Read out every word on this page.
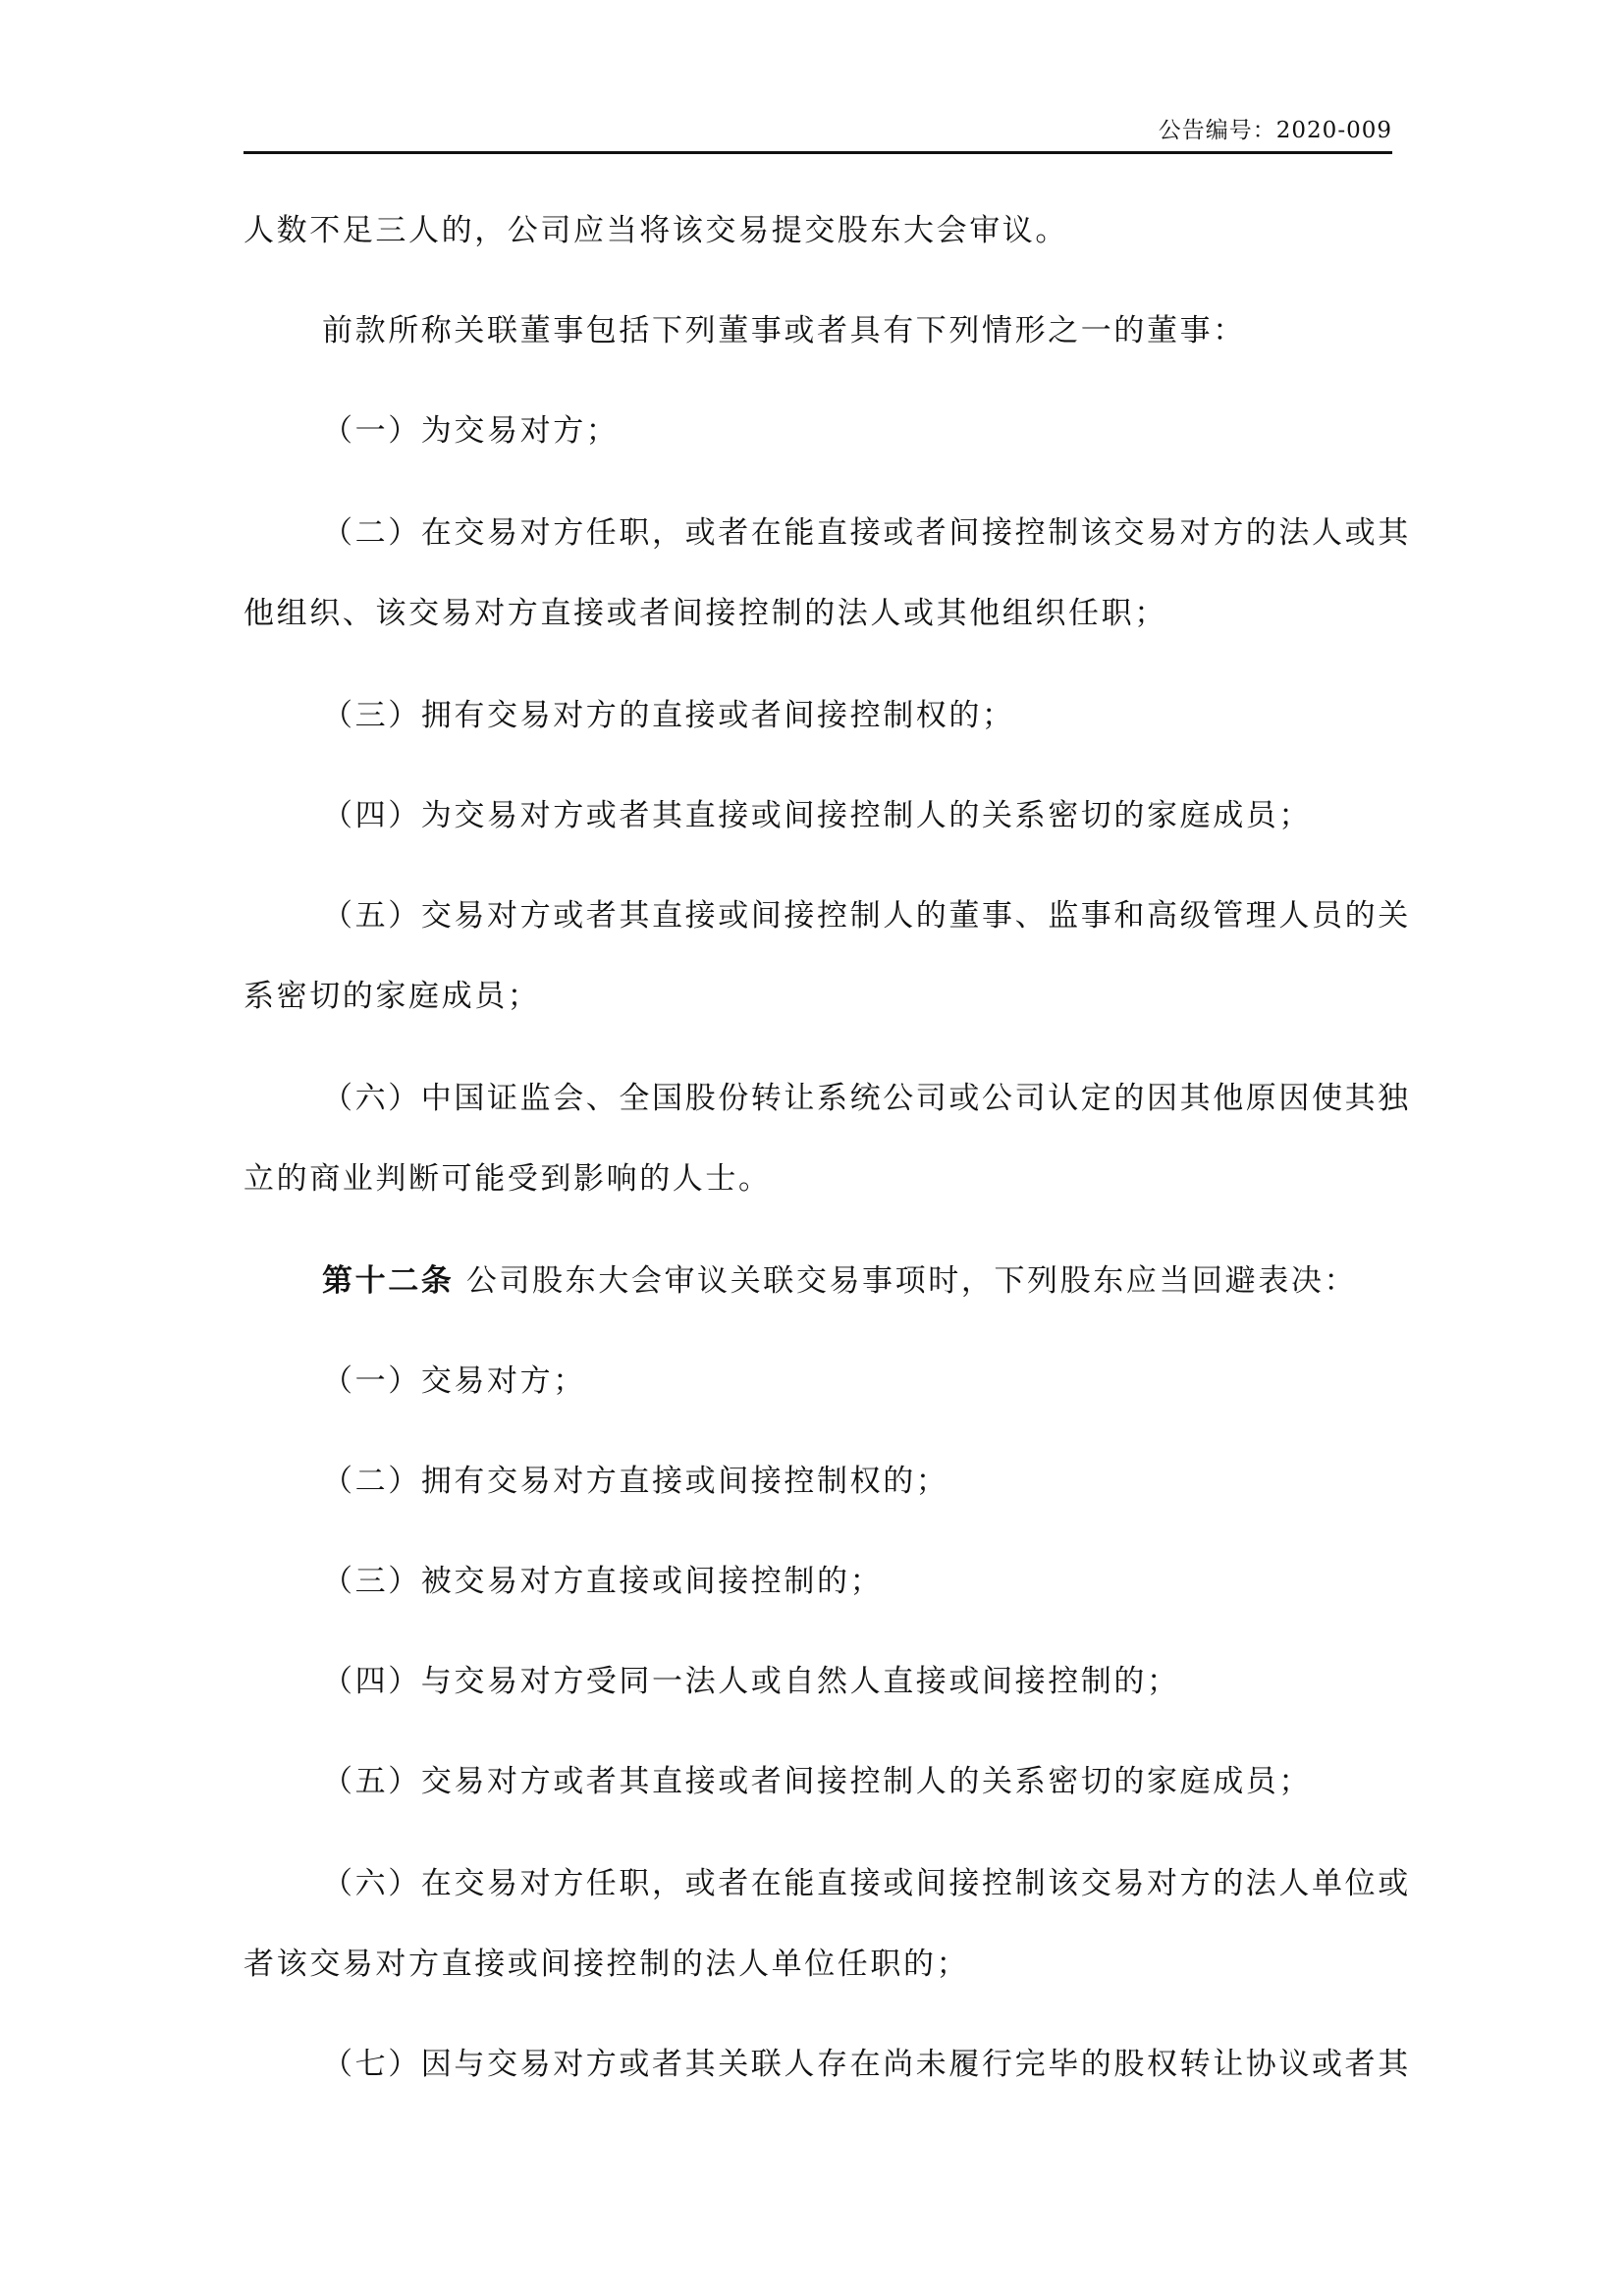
公告编号：2020-009
人数不足三人的，公司应当将该交易提交股东大会审议。
前款所称关联董事包括下列董事或者具有下列情形之一的董事：
（一）为交易对方；
（二）在交易对方任职，或者在能直接或者间接控制该交易对方的法人或其
他组织、该交易对方直接或者间接控制的法人或其他组织任职；
（三）拥有交易对方的直接或者间接控制权的；
（四）为交易对方或者其直接或间接控制人的关系密切的家庭成员；
（五）交易对方或者其直接或间接控制人的董事、监事和高级管理人员的关
系密切的家庭成员；
（六）中国证监会、全国股份转让系统公司或公司认定的因其他原因使其独
立的商业判断可能受到影响的人士。
第十二条 公司股东大会审议关联交易事项时，下列股东应当回避表决：
（一）交易对方；
（二）拥有交易对方直接或间接控制权的；
（三）被交易对方直接或间接控制的；
（四）与交易对方受同一法人或自然人直接或间接控制的；
（五）交易对方或者其直接或者间接控制人的关系密切的家庭成员；
（六）在交易对方任职，或者在能直接或间接控制该交易对方的法人单位或
者该交易对方直接或间接控制的法人单位任职的；
（七）因与交易对方或者其关联人存在尚未履行完毕的股权转让协议或者其
